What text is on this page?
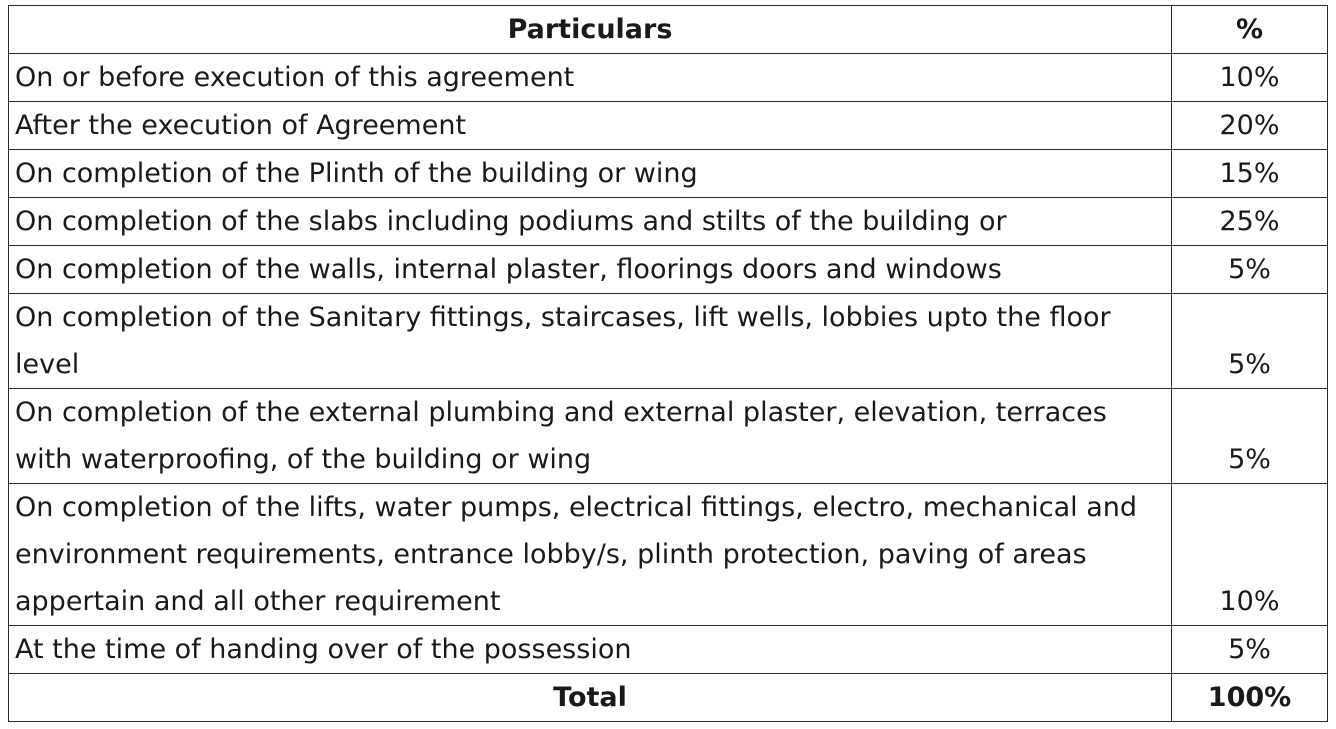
Particulars	%
On or before execution of this agreement	10%
After the execution of Agreement	20%
On completion of the Plinth of the building or wing	15%
On completion of the slabs including podiums and stilts of the building or	25%
On completion of the walls, internal plaster, floorings doors and windows	5%
On completion of the Sanitary fittings, staircases, lift wells, lobbies upto the floor level	5%
On completion of the external plumbing and external plaster, elevation, terraces with waterproofing, of the building or wing	5%
On completion of the lifts, water pumps, electrical fittings, electro, mechanical and environment requirements, entrance lobby/s, plinth protection, paving of areas appertain and all other requirement	10%
At the time of handing over of the possession	5%
Total	100%
